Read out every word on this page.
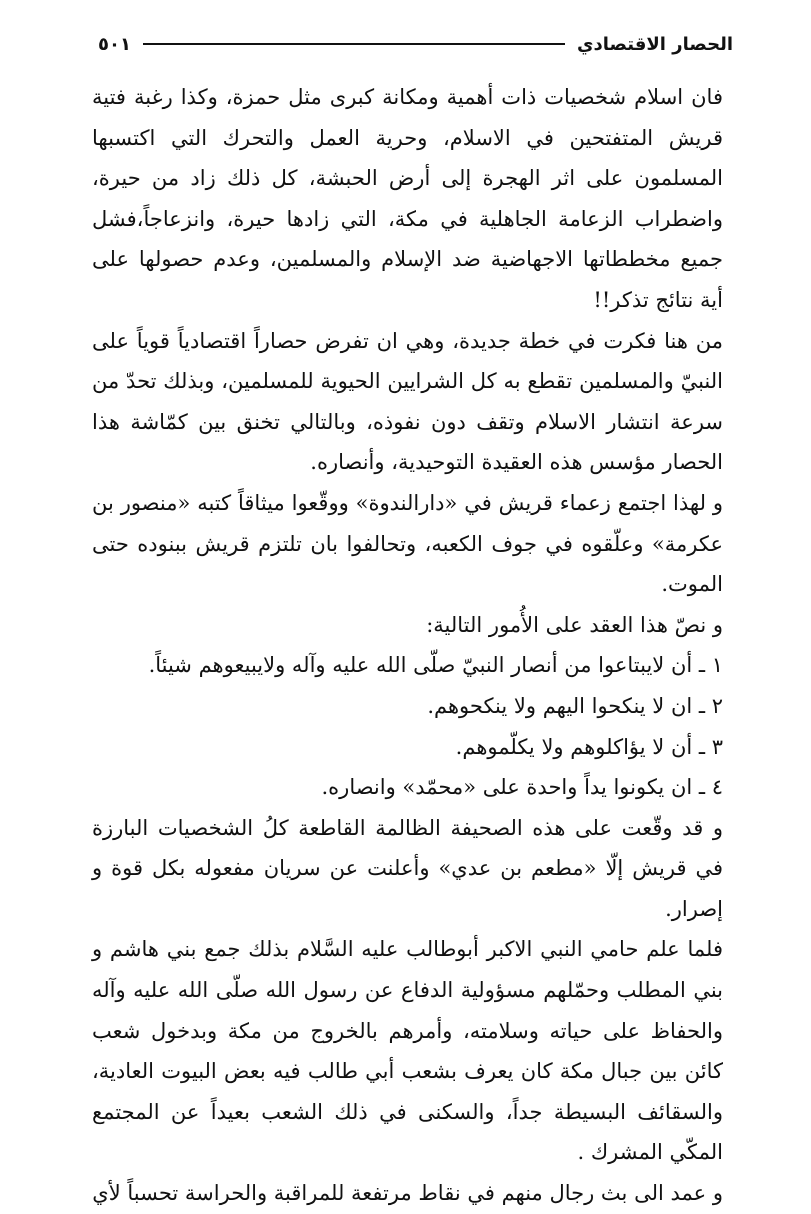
الحصار الاقتصادي
٥٠١

فان اسلام شخصيات ذات أهمية ومكانة كبرى مثل حمزة، وكذا رغبة فتية قريش المتفتحين في الاسلام، وحرية العمل والتحرك التي اكتسبها المسلمون على اثر الهجرة إلى أرض الحبشة، كل ذلك زاد من حيرة، واضطراب الزعامة الجاهلية في مكة، التي زادها حيرة، وانزعاجاً،فشل جميع مخططاتها الاجهاضية ضد الإسلام والمسلمين، وعدم حصولها على أية نتائج تذكر!!

من هنا فكرت في خطة جديدة، وهي ان تفرض حصاراً اقتصادياً قوياً على النبيّ والمسلمين تقطع به كل الشرايين الحيوية للمسلمين، وبذلك تحدّ من سرعة انتشار الاسلام وتقف دون نفوذه، وبالتالي تخنق بين كمّاشة هذا الحصار مؤسس هذه العقيدة التوحيدية، وأنصاره.

و لهذا اجتمع زعماء قريش في «دارالندوة» ووقّعوا ميثاقاً كتبه «منصور بن عكرمة» وعلّقوه في جوف الكعبه، وتحالفوا بان تلتزم قريش ببنوده حتى الموت.

و نصّ هذا العقد على الأُمور التالية:

١ ـ أن لايبتاعوا من أنصار النبيّ صلّى الله عليه وآله ولايبيعوهم شيئاً.

٢ ـ ان لا ينكحوا اليهم ولا ينكحوهم.

٣ ـ أن لا يؤاكلوهم ولا يكلّموهم.

٤ ـ ان يكونوا يداً واحدة على «محمّد» وانصاره.

و قد وقّعت على هذه الصحيفة الظالمة القاطعة كلُ الشخصيات البارزة في قريش إلّا «مطعم بن عدي» وأعلنت عن سريان مفعوله بكل قوة و إصرار.

فلما علم حامي النبي الاكبر أبوطالب عليه السَّلام بذلك جمع بني هاشم و بني المطلب وحمّلهم مسؤولية الدفاع عن رسول الله صلّى الله عليه وآله والحفاظ على حياته وسلامته، وأمرهم بالخروج من مكة وبدخول شعب كائن بين جبال مكة كان يعرف بشعب أبي طالب فيه بعض البيوت العادية، والسقائف البسيطة جداً، والسكنى في ذلك الشعب بعيداً عن المجتمع المكّي المشرك .

و عمد الى بث رجال منهم في نقاط مرتفعة للمراقبة والحراسة تحسباً لأي
